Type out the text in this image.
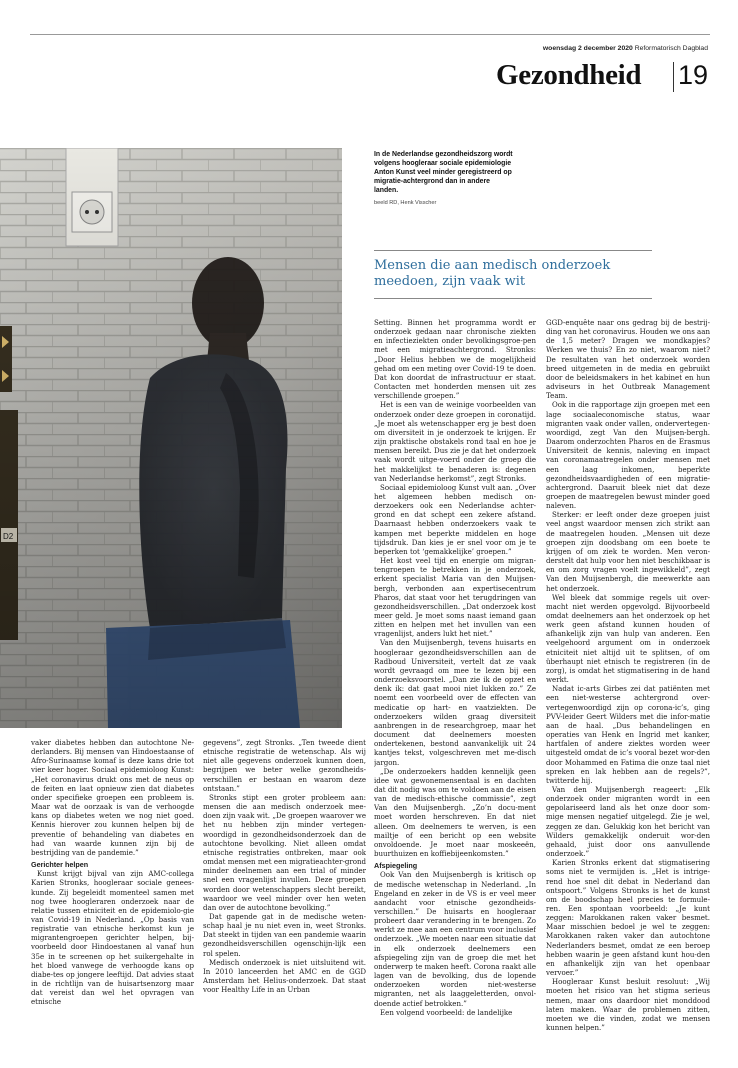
woensdag 2 december 2020 Reformatorisch Dagblad
Gezondheid 19
In de Nederlandse gezondheidszorg wordt volgens hoogleraar sociale epidemiologie Anton Kunst veel minder geregistreerd op migratie-achtergrond dan in andere landen.
beeld RD, Henk Visscher
Mensen die aan medisch onderzoek meedoen, zijn vaak wit

vaker diabetes hebben dan autochtone Ne-derlanders. Bij mensen van Hindoestaanse of Afro-Surinaamse komaf is deze kans drie tot vier keer hoger. Sociaal epidemioloog Kunst: „Het coronavirus drukt ons met de neus op de feiten en laat opnieuw zien dat diabetes onder specifieke groepen een probleem is. Maar wat de oorzaak is van de verhoogde kans op diabetes weten we nog niet goed. Kennis hierover zou kunnen helpen bij de preventie of behandeling van diabetes en had van waarde kunnen zijn bij de bestrijding van de pandemie.”

Gerichter helpen

Kunst krijgt bijval van zijn AMC-collega Karien Stronks, hoogleraar sociale genees-kunde. Zij begeleidt momenteel samen met nog twee hoogleraren onderzoek naar de relatie tussen etniciteit en de epidemiolo-gie van Covid-19 in Nederland. „Op basis van registratie van etnische herkomst kun je migrantengroepen gerichter helpen, bij-voorbeeld door Hindoestanen al vanaf hun 35e in te screenen op het suikergehalte in het bloed vanwege de verhoogde kans op diabe-tes op jongere leeftijd. Dat advies staat in de richtlijn van de huisartsenzorg maar dat vereist dan wel het opvragen van etnische

gegevens”, zegt Stronks. „Ten tweede dient etnische registratie de wetenschap. Als wij niet alle gegevens onderzoek kunnen doen, begrijpen we beter welke gezondheids-verschillen er bestaan en waarom deze ontstaan.”

Stronks stipt een groter probleem aan: mensen die aan medisch onderzoek mee-doen zijn vaak wit. „De groepen waarover we het nu hebben zijn minder vertegen-woordigd in gezondheidsonderzoek dan de autochtone bevolking. Niet alleen omdat etnische registraties ontbreken, maar ook omdat mensen met een migratieachter-grond minder deelnemen aan een trial of minder snel een vragenlijst invullen. Deze groepen worden door wetenschappers slecht bereikt, waardoor we veel minder over hen weten dan over de autochtone bevolking.”

Dat gapende gat in de medische weten-schap haal je nu niet even in, weet Stronks. Dat steekt in tijden van een pandemie waarin gezondheidsverschillen ogenschijn-lijk een rol spelen.

Medisch onderzoek is niet uitsluitend wit. In 2010 lanceerden het AMC en de GGD Amsterdam het Helius-onderzoek. Dat staat voor Healthy Life in an Urban

Setting. Binnen het programma wordt er onderzoek gedaan naar chronische ziekten en infectieziekten onder bevolkingsgroe-pen met een migratieachtergrond. Stronks: „Door Helius hebben we de mogelijkheid gehad om een meting over Covid-19 te doen. Dat kon doordat de infrastructuur er staat. Contacten met honderden mensen uit zes verschillende groepen.”

Het is een van de weinige voorbeelden van onderzoek onder deze groepen in coronatijd. „Je moet als wetenschapper erg je best doen om diversiteit in je onderzoek te krijgen. Er zijn praktische obstakels rond taal en hoe je mensen bereikt. Dus zie je dat het onderzoek vaak wordt uitge-voerd onder de groep die het makkelijkst te benaderen is: degenen van Nederlandse herkomst”, zegt Stronks.

Sociaal epidemioloog Kunst vult aan. „Over het algemeen hebben medisch on-derzoekers ook een Nederlandse achter-grond en dat schept een zekere afstand. Daarnaast hebben onderzoekers vaak te kampen met beperkte middelen en hoge tijdsdruk. Dan kies je er snel voor om je te beperken tot ‘gemakkelijke’ groepen.”

Het kost veel tijd en energie om migran-tengroepen te betrekken in je onderzoek, erkent specialist Maria van den Muijsen-bergh, verbonden aan expertisecentrum Pharos, dat staat voor het terugdringen van gezondheidsverschillen. „Dat onderzoek kost meer geld. Je moet soms naast iemand gaan zitten en helpen met het invullen van een vragenlijst, anders lukt het niet.”

Van den Muijsenbergh, tevens huisarts en hoogleraar gezondheidsverschillen aan de Radboud Universiteit, vertelt dat ze vaak wordt gevraagd om mee te lezen bij een onderzoeksvoorstel. „Dan zie ik de opzet en denk ik: dat gaat mooi niet lukken zo.” Ze noemt een voorbeeld over de effecten van medicatie op hart- en vaatziekten. De onderzoekers wilden graag diversiteit aanbrengen in de researchgroep, maar het document dat deelnemers moesten ondertekenen, bestond aanvankelijk uit 24 kantjes tekst, volgeschreven met me-disch jargon.

„De onderzoekers hadden kennelijk geen idee wat gewonemensentaal is en dachten dat dit nodig was om te voldoen aan de eisen van de medisch-ethische commissie”, zegt Van den Muijsenbergh. „Zo’n docu-ment moet worden herschreven. En dat niet alleen. Om deelnemers te werven, is een mailtje of een bericht op een website onvoldoende. Je moet naar moskeeën, buurthuizen en koffiebijeenkomsten.”

Afspiegeling

Ook Van den Muijsenbergh is kritisch op de medische wetenschap in Nederland. „In Engeland en zeker in de VS is er veel meer aandacht voor etnische gezondheids-verschillen.” De huisarts en hoogleraar probeert daar verandering in te brengen. Zo werkt ze mee aan een centrum voor inclusief onderzoek. „We moeten naar een situatie dat in elk onderzoek deelnemers een afspiegeling zijn van de groep die met het onderwerp te maken heeft. Corona raakt alle lagen van de bevolking, dus de lopende onderzoeken worden niet-westerse migranten, net als laaggeletterden, onvol-doende actief betrokken.”

Een volgend voorbeeld: de landelijke

GGD-enquête naar ons gedrag bij de bestrij-ding van het coronavirus. Houden we ons aan de 1,5 meter? Dragen we mondkapjes? Werken we thuis? En zo niet, waarom niet? De resultaten van het onderzoek worden breed uitgemeten in de media en gebruikt door de beleidsmakers in het kabinet en hun adviseurs in het Outbreak Management Team.

Ook in die rapportage zijn groepen met een lage sociaaleconomische status, waar migranten vaak onder vallen, ondervertegen-woordigd, zegt Van den Muijsen-bergh. Daarom onderzochten Pharos en de Erasmus Universiteit de kennis, naleving en impact van coronamaatregelen onder mensen met een laag inkomen, beperkte gezondheidsvaardigheden of een migratie-achtergrond. Daaruit bleek niet dat deze groepen de maatregelen bewust minder goed naleven.

Sterker: er leeft onder deze groepen juist veel angst waardoor mensen zich strikt aan de maatregelen houden. „Mensen uit deze groepen zijn doodsbang om een boete te krijgen of om ziek te worden. Men veron-derstelt dat hulp voor hen niet beschikbaar is en om zorg vragen voelt ingewikkeld”, zegt Van den Muijsenbergh, die meewerkte aan het onderzoek.

Wel bleek dat sommige regels uit over-macht niet werden opgevolgd. Bijvoorbeeld omdat deelnemers aan het onderzoek op het werk geen afstand kunnen houden of afhankelijk zijn van hulp van anderen. Een veelgehoord argument om in onderzoek etniciteit niet altijd uit te splitsen, of om überhaupt niet etnisch te registreren (in de zorg), is omdat het stigmatisering in de hand werkt.

Nadat ic-arts Girbes zei dat patiënten met een niet-westerse achtergrond over-vertegenwoordigd zijn op corona-ic’s, ging PVV-leider Geert Wilders met die infor-matie aan de haal. „Dus behandelingen en operaties van Henk en Ingrid met kanker, hartfalen of andere ziektes worden weer uitgesteld omdat de ic’s vooral bezet wor-den door Mohammed en Fatima die onze taal niet spreken en lak hebben aan de regels?”, twitterde hij.

Van den Muijsenbergh reageert: „Elk onderzoek onder migranten wordt in een gepolariseerd land als het onze door som-mige mensen negatief uitgelegd. Zie je wel, zeggen ze dan. Gelukkig kon het bericht van Wilders gemakkelijk onderuit wor-den gehaald, juist door ons aanvullende onderzoek.”

Karien Stronks erkent dat stigmatisering soms niet te vermijden is. „Het is intrige-rend hoe snel dit debat in Nederland dan ontspoort.” Volgens Stronks is het de kunst om de boodschap heel precies te formule-ren. Een spontaan voorbeeld: „Je kunt zeggen: Marokkanen raken vaker besmet. Maar misschien bedoel je wel te zeggen: Marokkanen raken vaker dan autochtone Nederlanders besmet, omdat ze een beroep hebben waarin je geen afstand kunt hou-den en afhankelijk zijn van het openbaar vervoer.”

Hoogleraar Kunst besluit resoluut: „Wij moeten het risico van het stigma serieus nemen, maar ons daardoor niet monddood laten maken. Waar de problemen zitten, moeten we die vinden, zodat we mensen kunnen helpen.”
